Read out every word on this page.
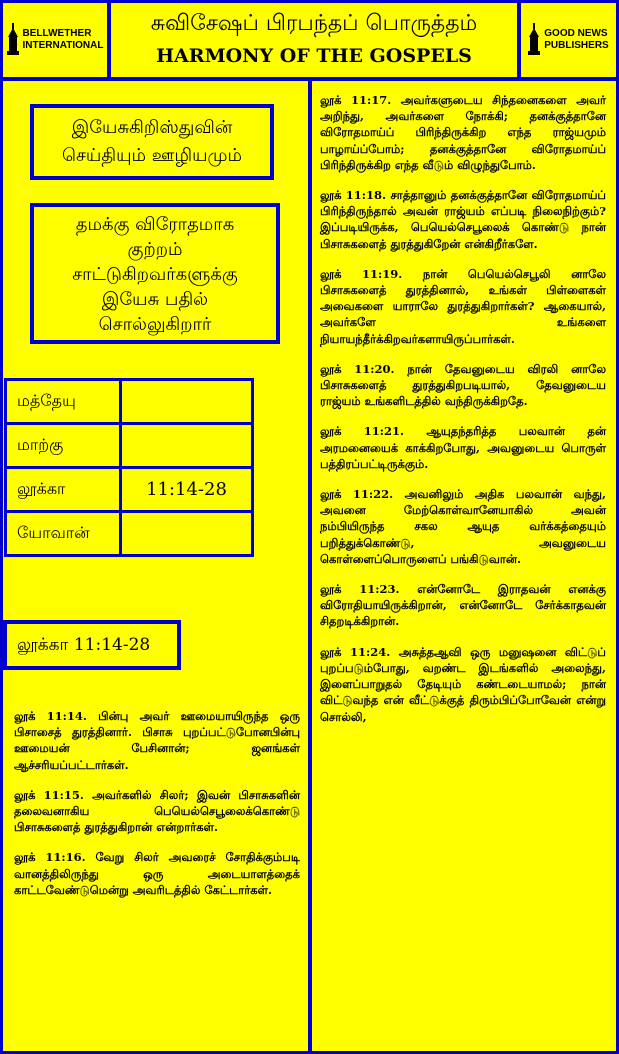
BELLWETHER
INTERNATIONAL
சுவிசேஷப் பிரபந்தப் பொருத்தம்
HARMONY OF THE GOSPELS
GOOD NEWS
PUBLISHERS
இயேசுகிறிஸ்துவின் செய்தியும் ஊழியமும்
தமக்கு விரோதமாக குற்றம் சாட்டுகிறவர்களுக்கு இயேசு பதில் சொல்லுகிறார்
மத்தேயு	
மாற்கு	
லூக்கா	11:14-28
யோவான்	
லூக்கா 11:14-28

லூக் 11:14. பின்பு அவர் ஊமையாயிருந்த ஒரு பிசாசைத் துரத்தினார். பிசாசு புறப்பட்டுபோனபின்பு ஊமையன் பேசினான்; ஜனங்கள் ஆச்சரியப்பட்டார்கள்.

லூக் 11:15. அவர்களில் சிலர்; இவன் பிசாசுகளின் தலைவனாகிய பெயெல்செபூலைக்கொண்டு பிசாசுகளைத் துரத்துகிறான் என்றார்கள்.

லூக் 11:16. வேறு சிலர் அவரைச் சோதிக்கும்படி வானத்திலிருந்து ஒரு அடையாளத்தைக் காட்டவேண்டுமென்று அவரிடத்தில் கேட்டார்கள்.

லூக் 11:17. அவர்களுடைய சிந்தனைகளை அவர் அறிந்து, அவர்களை நோக்கி; தனக்குத்தானே விரோதமாய்ப் பிரிந்திருக்கிற எந்த ராஜ்யமும் பாழாய்ப்போம்; தனக்குத்தானே விரோதமாய்ப் பிரிந்திருக்கிற எந்த வீடும் விழுந்துபோம்.

லூக் 11:18. சாத்தானும் தனக்குத்தானே விரோதமாய்ப் பிரிந்திருந்தால் அவன் ராஜ்யம் எப்படி நிலைநிற்கும்? இப்படியிருக்க, பெயெல்செபூலைக் கொண்டு நான் பிசாசுகளைத் துரத்துகிறேன் என்கிறீர்களே.

லூக் 11:19. நான் பெயெல்செபூலி னாலே பிசாசுகளைத் துரத்தினால், உங்கள் பிள்ளைகள் அவைகளை யாராலே துரத்துகிறார்கள்? ஆகையால், அவர்களே உங்களை நியாயந்தீர்க்கிறவர்களாயிருப்பார்கள்.

லூக் 11:20. நான் தேவனுடைய விரலி னாலே பிசாசுகளைத் துரத்துகிறபடியால், தேவனுடைய ராஜ்யம் உங்களிடத்தில் வந்திருக்கிறதே.

லூக் 11:21. ஆயுதந்தரித்த பலவான் தன் அரமனையைக் காக்கிறபோது, அவனுடைய பொருள் பத்திரப்பட்டிருக்கும்.

லூக் 11:22. அவனிலும் அதிக பலவான் வந்து, அவனை மேற்கொள்வானேயாகில் அவன் நம்பியிருந்த சகல ஆயுத வர்க்கத்தையும் பறித்துக்கொண்டு, அவனுடைய கொள்ளைப்பொருளைப் பங்கிடுவான்.

லூக் 11:23. என்னோடே இராதவன் எனக்கு விரோதியாயிருக்கிறான், என்னோடே சேர்க்காதவன் சிதறடிக்கிறான்.

லூக் 11:24. அசுத்தஆவி ஒரு மனுஷனை விட்டுப் புறப்படும்போது, வறண்ட இடங்களில் அலைந்து, இளைப்பாறுதல் தேடியும் கண்டடையாமல்; நான் விட்டுவந்த என் வீட்டுக்குத் திரும்பிப்போவேன் என்று சொல்லி,
